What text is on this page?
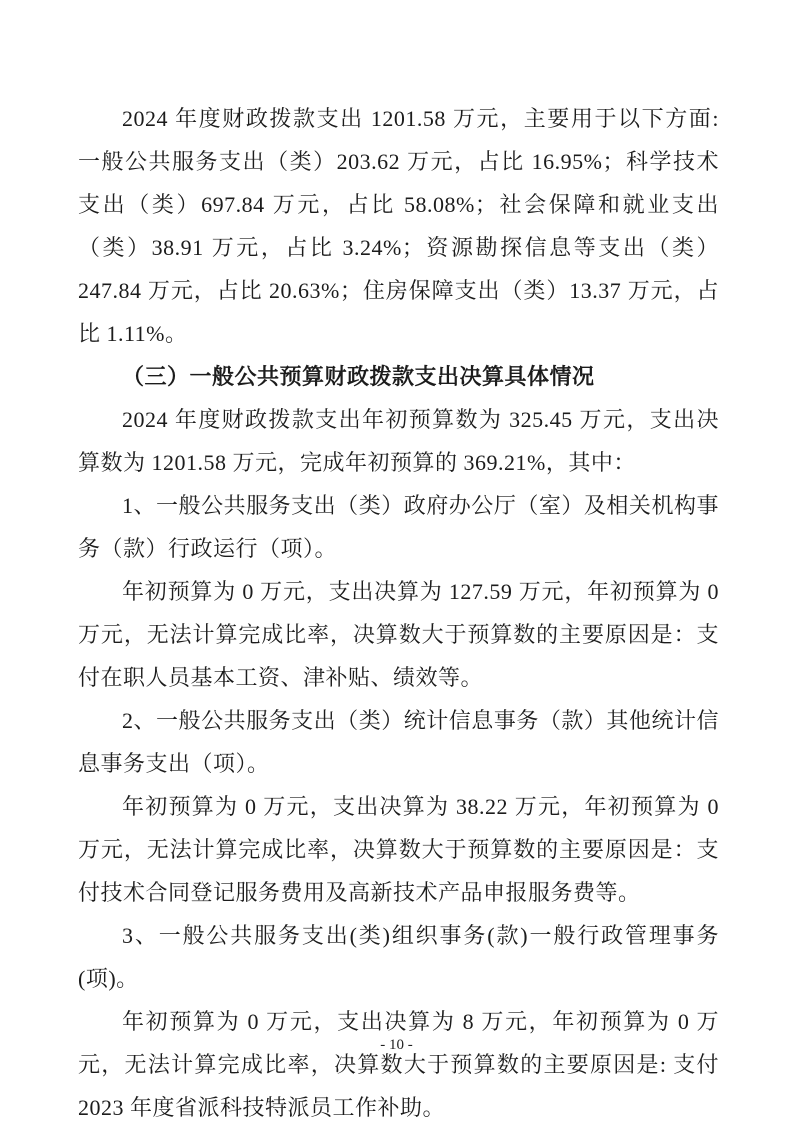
2024 年度财政拨款支出 1201.58 万元，主要用于以下方面: 一般公共服务支出（类）203.62 万元，占比 16.95%；科学技术支出（类）697.84 万元，占比 58.08%；社会保障和就业支出（类）38.91 万元，占比 3.24%；资源勘探信息等支出（类）247.84 万元，占比 20.63%；住房保障支出（类）13.37 万元，占比 1.11%。

（三）一般公共预算财政拨款支出决算具体情况

2024 年度财政拨款支出年初预算数为 325.45 万元，支出决算数为 1201.58 万元，完成年初预算的 369.21%，其中：

1、一般公共服务支出（类）政府办公厅（室）及相关机构事务（款）行政运行（项）。

年初预算为 0 万元，支出决算为 127.59 万元，年初预算为 0 万元，无法计算完成比率，决算数大于预算数的主要原因是：支付在职人员基本工资、津补贴、绩效等。

2、一般公共服务支出（类）统计信息事务（款）其他统计信息事务支出（项）。

年初预算为 0 万元，支出决算为 38.22 万元，年初预算为 0 万元，无法计算完成比率，决算数大于预算数的主要原因是：支付技术合同登记服务费用及高新技术产品申报服务费等。

3、一般公共服务支出(类)组织事务(款)一般行政管理事务(项)。

年初预算为 0 万元，支出决算为 8 万元，年初预算为 0 万元，无法计算完成比率，决算数大于预算数的主要原因是: 支付 2023 年度省派科技特派员工作补助。

- 10 -
